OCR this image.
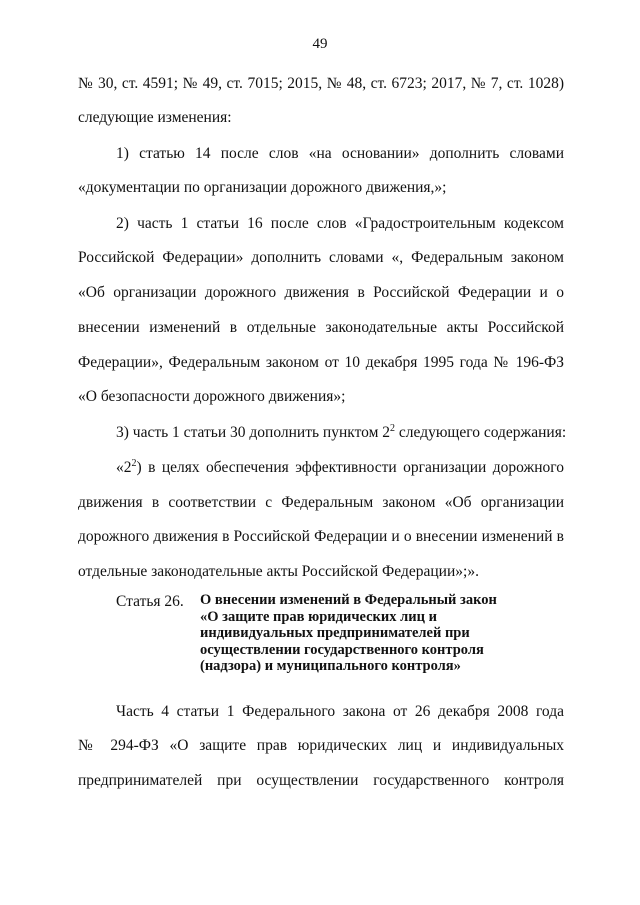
49
№ 30, ст. 4591; № 49, ст. 7015; 2015, № 48, ст. 6723; 2017, № 7, ст. 1028)
следующие изменения:
1) статью 14 после слов «на основании» дополнить словами
«документации по организации дорожного движения,»;
2) часть 1 статьи 16 после слов «Градостроительным кодексом
Российской Федерации» дополнить словами «, Федеральным законом
«Об организации дорожного движения в Российской Федерации и о
внесении изменений в отдельные законодательные акты Российской
Федерации», Федеральным законом от 10 декабря 1995 года № 196-ФЗ
«О безопасности дорожного движения»;
3) часть 1 статьи 30 дополнить пунктом $2^2$ следующего содержания:
«$2^2$) в целях обеспечения эффективности организации дорожного
движения в соответствии с Федеральным законом «Об организации
дорожного движения в Российской Федерации и о внесении изменений в
отдельные законодательные акты Российской Федерации»;».
Статья 26. О внесении изменений в Федеральный закон
«О защите прав юридических лиц и
индивидуальных предпринимателей при
осуществлении государственного контроля
(надзора) и муниципального контроля»
Часть 4 статьи 1 Федерального закона от 26 декабря 2008 года
№ 294-ФЗ «О защите прав юридических лиц и индивидуальных
предпринимателей при осуществлении государственного контроля
